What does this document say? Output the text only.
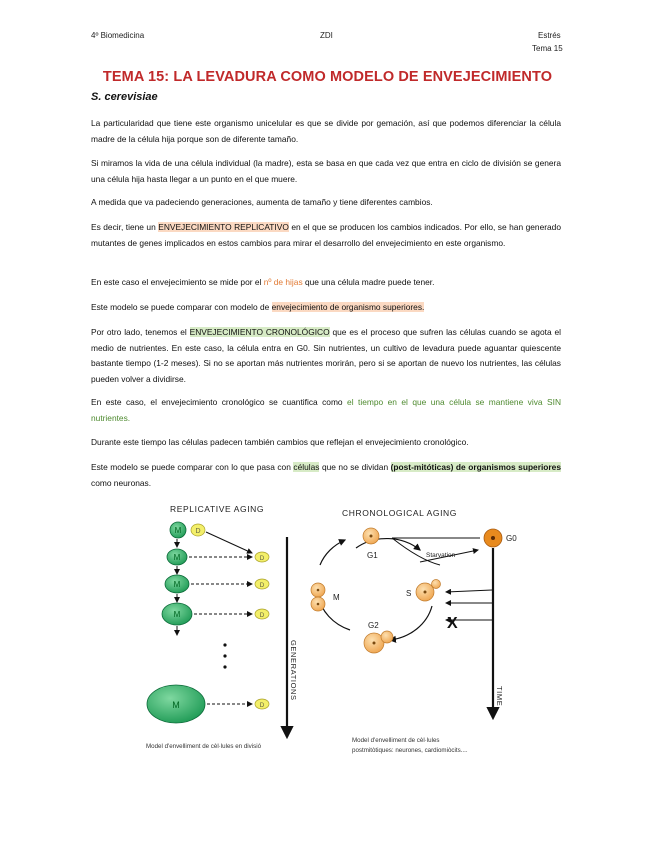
4º Biomedicina	ZDI	Estrés
Tema 15
TEMA 15: LA LEVADURA COMO MODELO DE ENVEJECIMIENTO
S. cerevisiae

La particularidad que tiene este organismo unicelular es que se divide por gemación, así que podemos diferenciar la célula madre de la célula hija porque son de diferente tamaño.

Si miramos la vida de una célula individual (la madre), esta se basa en que cada vez que entra en ciclo de división se genera una célula hija hasta llegar a un punto en el que muere.

A medida que va padeciendo generaciones, aumenta de tamaño y tiene diferentes cambios.

Es decir, tiene un ENVEJECIMIENTO REPLICATIVO en el que se producen los cambios indicados. Por ello, se han generado mutantes de genes implicados en estos cambios para mirar el desarrollo del envejecimiento en este organismo.

En este caso el envejecimiento se mide por el nº de hijas que una célula madre puede tener.

Este modelo se puede comparar con modelo de envejecimiento de organismo superiores.

Por otro lado, tenemos el ENVEJECIMIENTO CRONOLÓGICO que es el proceso que sufren las células cuando se agota el medio de nutrientes. En este caso, la célula entra en G0. Sin nutrientes, un cultivo de levadura puede aguantar quiescente bastante tiempo (1-2 meses). Si no se aportan más nutrientes morirán, pero si se aportan de nuevo los nutrientes, las células pueden volver a dividirse.

En este caso, el envejecimiento cronológico se cuantifica como el tiempo en el que una célula se mantiene viva SIN nutrientes.

Durante este tiempo las células padecen también cambios que reflejan el envejecimiento cronológico.

Este modelo se puede comparar con lo que pasa con células que no se dividan (post-mitóticas) de organismos superiores como neuronas.

REPLICATIVE AGING
M D
M
M
M
M
D
D
D
D
GENERATIONS
CHRONOLOGICAL AGING
G1
S
G2
M
G0
Starvation
TIME
X
Model d'envelliment de cèl·lules en divisió
Model d'envelliment de cèl·lules
postmitòtiques: neurones, cardiomiòcits....
